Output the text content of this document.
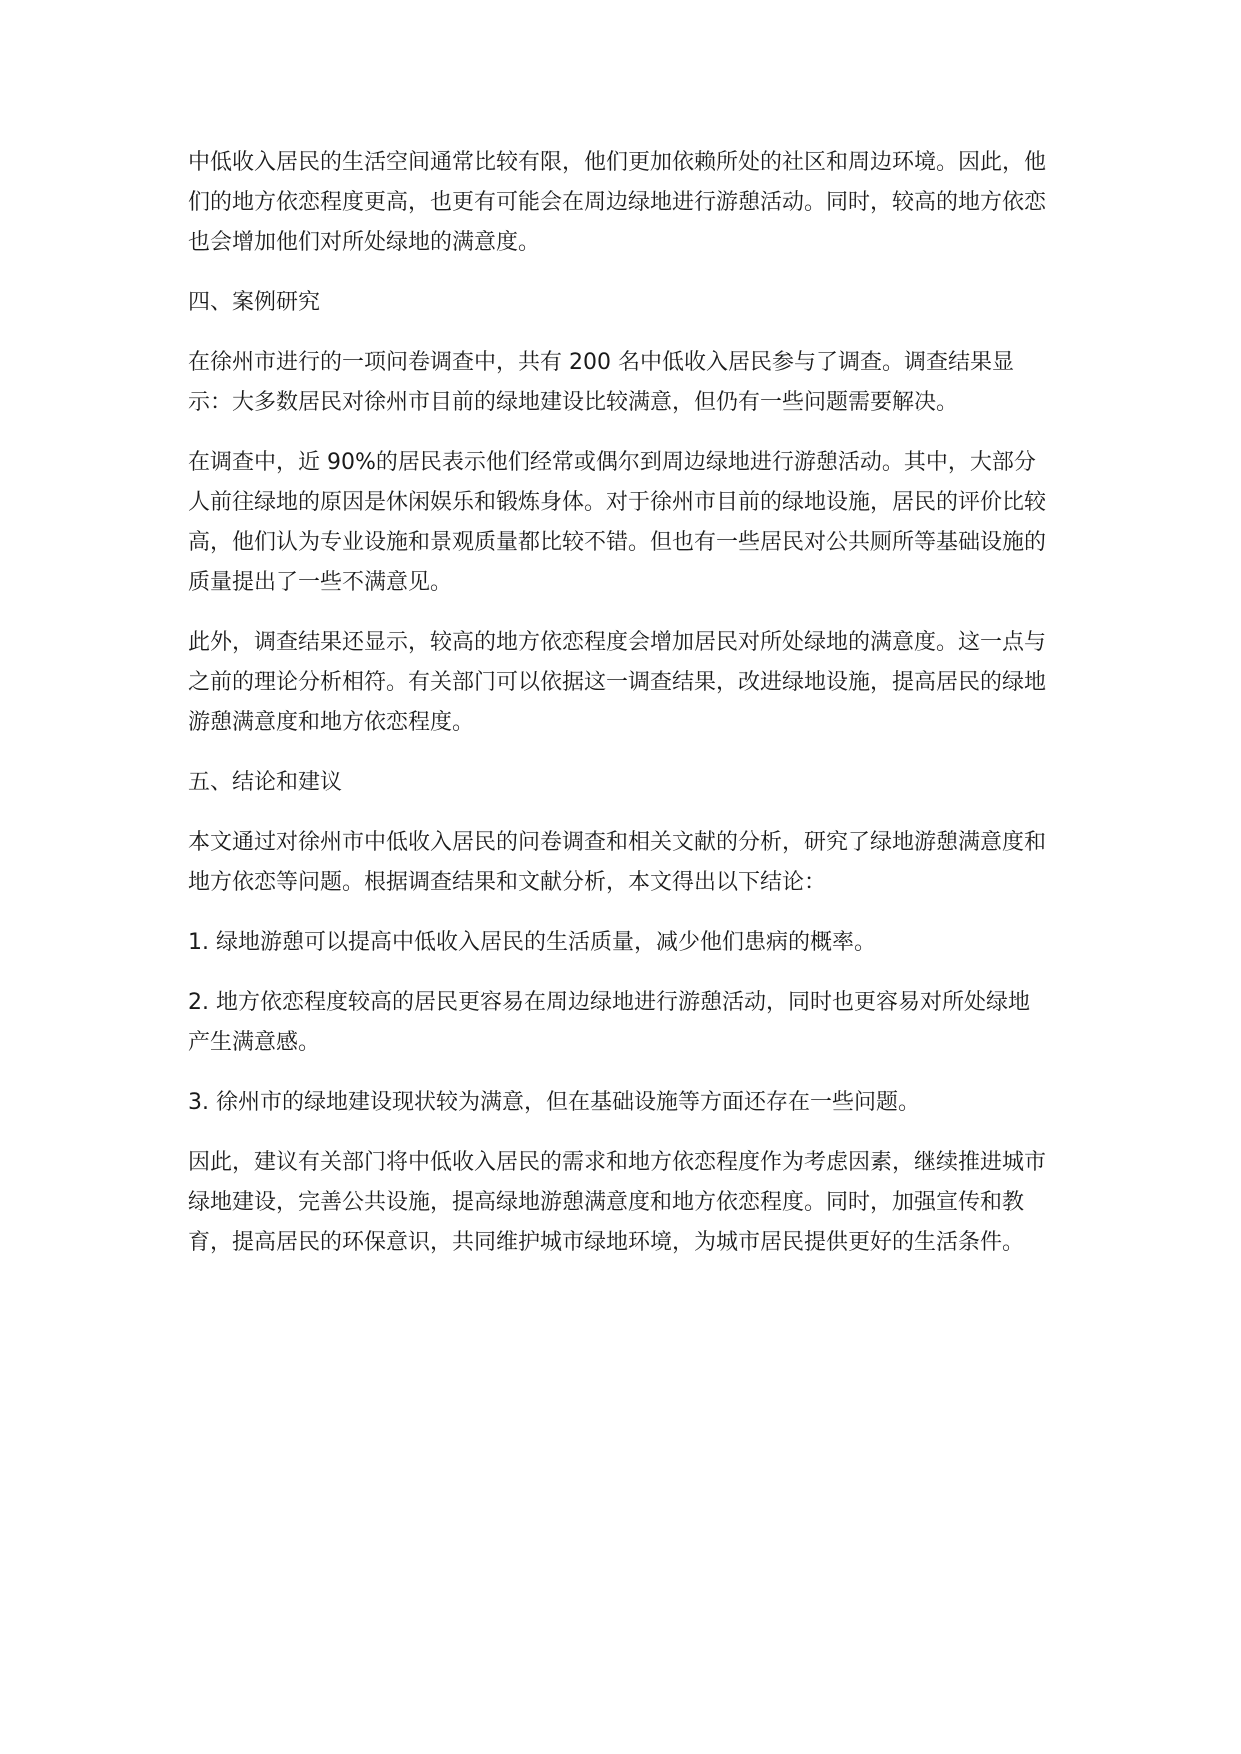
中低收入居民的生活空间通常比较有限，他们更加依赖所处的社区和周边环境。因此，他们的地方依恋程度更高，也更有可能会在周边绿地进行游憩活动。同时，较高的地方依恋也会增加他们对所处绿地的满意度。

四、案例研究

在徐州市进行的一项问卷调查中，共有 200 名中低收入居民参与了调查。调查结果显示：大多数居民对徐州市目前的绿地建设比较满意，但仍有一些问题需要解决。

在调查中，近 90%的居民表示他们经常或偶尔到周边绿地进行游憩活动。其中，大部分人前往绿地的原因是休闲娱乐和锻炼身体。对于徐州市目前的绿地设施，居民的评价比较高，他们认为专业设施和景观质量都比较不错。但也有一些居民对公共厕所等基础设施的质量提出了一些不满意见。

此外，调查结果还显示，较高的地方依恋程度会增加居民对所处绿地的满意度。这一点与之前的理论分析相符。有关部门可以依据这一调查结果，改进绿地设施，提高居民的绿地游憩满意度和地方依恋程度。

五、结论和建议

本文通过对徐州市中低收入居民的问卷调查和相关文献的分析，研究了绿地游憩满意度和地方依恋等问题。根据调查结果和文献分析，本文得出以下结论：

1. 绿地游憩可以提高中低收入居民的生活质量，减少他们患病的概率。

2. 地方依恋程度较高的居民更容易在周边绿地进行游憩活动，同时也更容易对所处绿地产生满意感。

3. 徐州市的绿地建设现状较为满意，但在基础设施等方面还存在一些问题。

因此，建议有关部门将中低收入居民的需求和地方依恋程度作为考虑因素，继续推进城市绿地建设，完善公共设施，提高绿地游憩满意度和地方依恋程度。同时，加强宣传和教育，提高居民的环保意识，共同维护城市绿地环境，为城市居民提供更好的生活条件。
